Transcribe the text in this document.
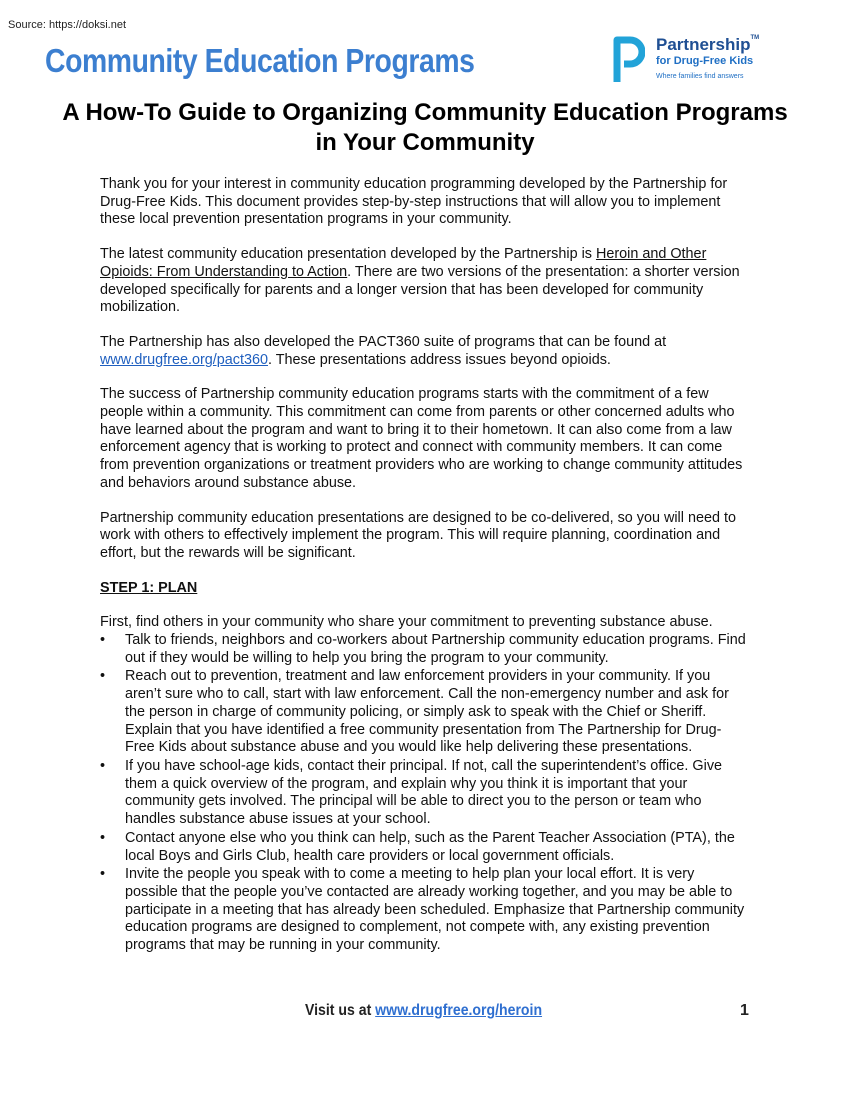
Source: https://doksi.net
Community Education Programs	Partnership™
for Drug-Free Kids
Where families find answers
A How-To Guide to Organizing Community Education Programs in Your Community

Thank you for your interest in community education programming developed by the Partnership for Drug-Free Kids. This document provides step-by-step instructions that will allow you to implement these local prevention presentation programs in your community.

The latest community education presentation developed by the Partnership is Heroin and Other Opioids: From Understanding to Action. There are two versions of the presentation: a shorter version developed specifically for parents and a longer version that has been developed for community mobilization.

The Partnership has also developed the PACT360 suite of programs that can be found at www.drugfree.org/pact360. These presentations address issues beyond opioids.

The success of Partnership community education programs starts with the commitment of a few people within a community. This commitment can come from parents or other concerned adults who have learned about the program and want to bring it to their hometown. It can also come from a law enforcement agency that is working to protect and connect with community members. It can come from prevention organizations or treatment providers who are working to change community attitudes and behaviors around substance abuse.

Partnership community education presentations are designed to be co-delivered, so you will need to work with others to effectively implement the program. This will require planning, coordination and effort, but the rewards will be significant.

STEP 1: PLAN
First, find others in your community who share your commitment to preventing substance abuse.
• Talk to friends, neighbors and co-workers about Partnership community education programs. Find out if they would be willing to help you bring the program to your community.
• Reach out to prevention, treatment and law enforcement providers in your community. If you aren’t sure who to call, start with law enforcement. Call the non-emergency number and ask for the person in charge of community policing, or simply ask to speak with the Chief or Sheriff. Explain that you have identified a free community presentation from The Partnership for Drug-Free Kids about substance abuse and you would like help delivering these presentations.
• If you have school-age kids, contact their principal. If not, call the superintendent’s office. Give them a quick overview of the program, and explain why you think it is important that your community gets involved. The principal will be able to direct you to the person or team who handles substance abuse issues at your school.
• Contact anyone else who you think can help, such as the Parent Teacher Association (PTA), the local Boys and Girls Club, health care providers or local government officials.
• Invite the people you speak with to come a meeting to help plan your local effort. It is very possible that the people you’ve contacted are already working together, and you may be able to participate in a meeting that has already been scheduled. Emphasize that Partnership community education programs are designed to complement, not compete with, any existing prevention programs that may be running in your community.
Visit us at www.drugfree.org/heroin	1
